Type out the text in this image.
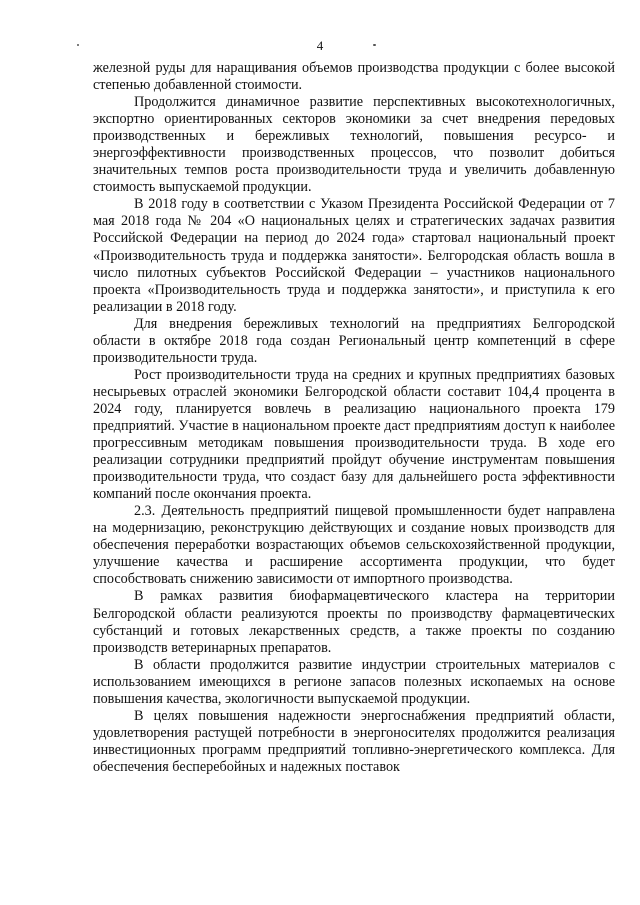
4

железной руды для наращивания объемов производства продукции с более высокой степенью добавленной стоимости.

Продолжится динамичное развитие перспективных высокотехнологичных, экспортно ориентированных секторов экономики за счет внедрения передовых производственных и бережливых технологий, повышения ресурсо- и энергоэффективности производственных процессов, что позволит добиться значительных темпов роста производительности труда и увеличить добавленную стоимость выпускаемой продукции.

В 2018 году в соответствии с Указом Президента Российской Федерации от 7 мая 2018 года № 204 «О национальных целях и стратегических задачах развития Российской Федерации на период до 2024 года» стартовал национальный проект «Производительность труда и поддержка занятости». Белгородская область вошла в число пилотных субъектов Российской Федерации – участников национального проекта «Производительность труда и поддержка занятости», и приступила к его реализации в 2018 году.

Для внедрения бережливых технологий на предприятиях Белгородской области в октябре 2018 года создан Региональный центр компетенций в сфере производительности труда.

Рост производительности труда на средних и крупных предприятиях базовых несырьевых отраслей экономики Белгородской области составит 104,4 процента в 2024 году, планируется вовлечь в реализацию национального проекта 179 предприятий. Участие в национальном проекте даст предприятиям доступ к наиболее прогрессивным методикам повышения производительности труда. В ходе его реализации сотрудники предприятий пройдут обучение инструментам повышения производительности труда, что создаст базу для дальнейшего роста эффективности компаний после окончания проекта.

2.3. Деятельность предприятий пищевой промышленности будет направлена на модернизацию, реконструкцию действующих и создание новых производств для обеспечения переработки возрастающих объемов сельскохозяйственной продукции, улучшение качества и расширение ассортимента продукции, что будет способствовать снижению зависимости от импортного производства.

В рамках развития биофармацевтического кластера на территории Белгородской области реализуются проекты по производству фармацевтических субстанций и готовых лекарственных средств, а также проекты по созданию производств ветеринарных препаратов.

В области продолжится развитие индустрии строительных материалов с использованием имеющихся в регионе запасов полезных ископаемых на основе повышения качества, экологичности выпускаемой продукции.

В целях повышения надежности энергоснабжения предприятий области, удовлетворения растущей потребности в энергоносителях продолжится реализация инвестиционных программ предприятий топливно-энергетического комплекса. Для обеспечения бесперебойных и надежных поставок
